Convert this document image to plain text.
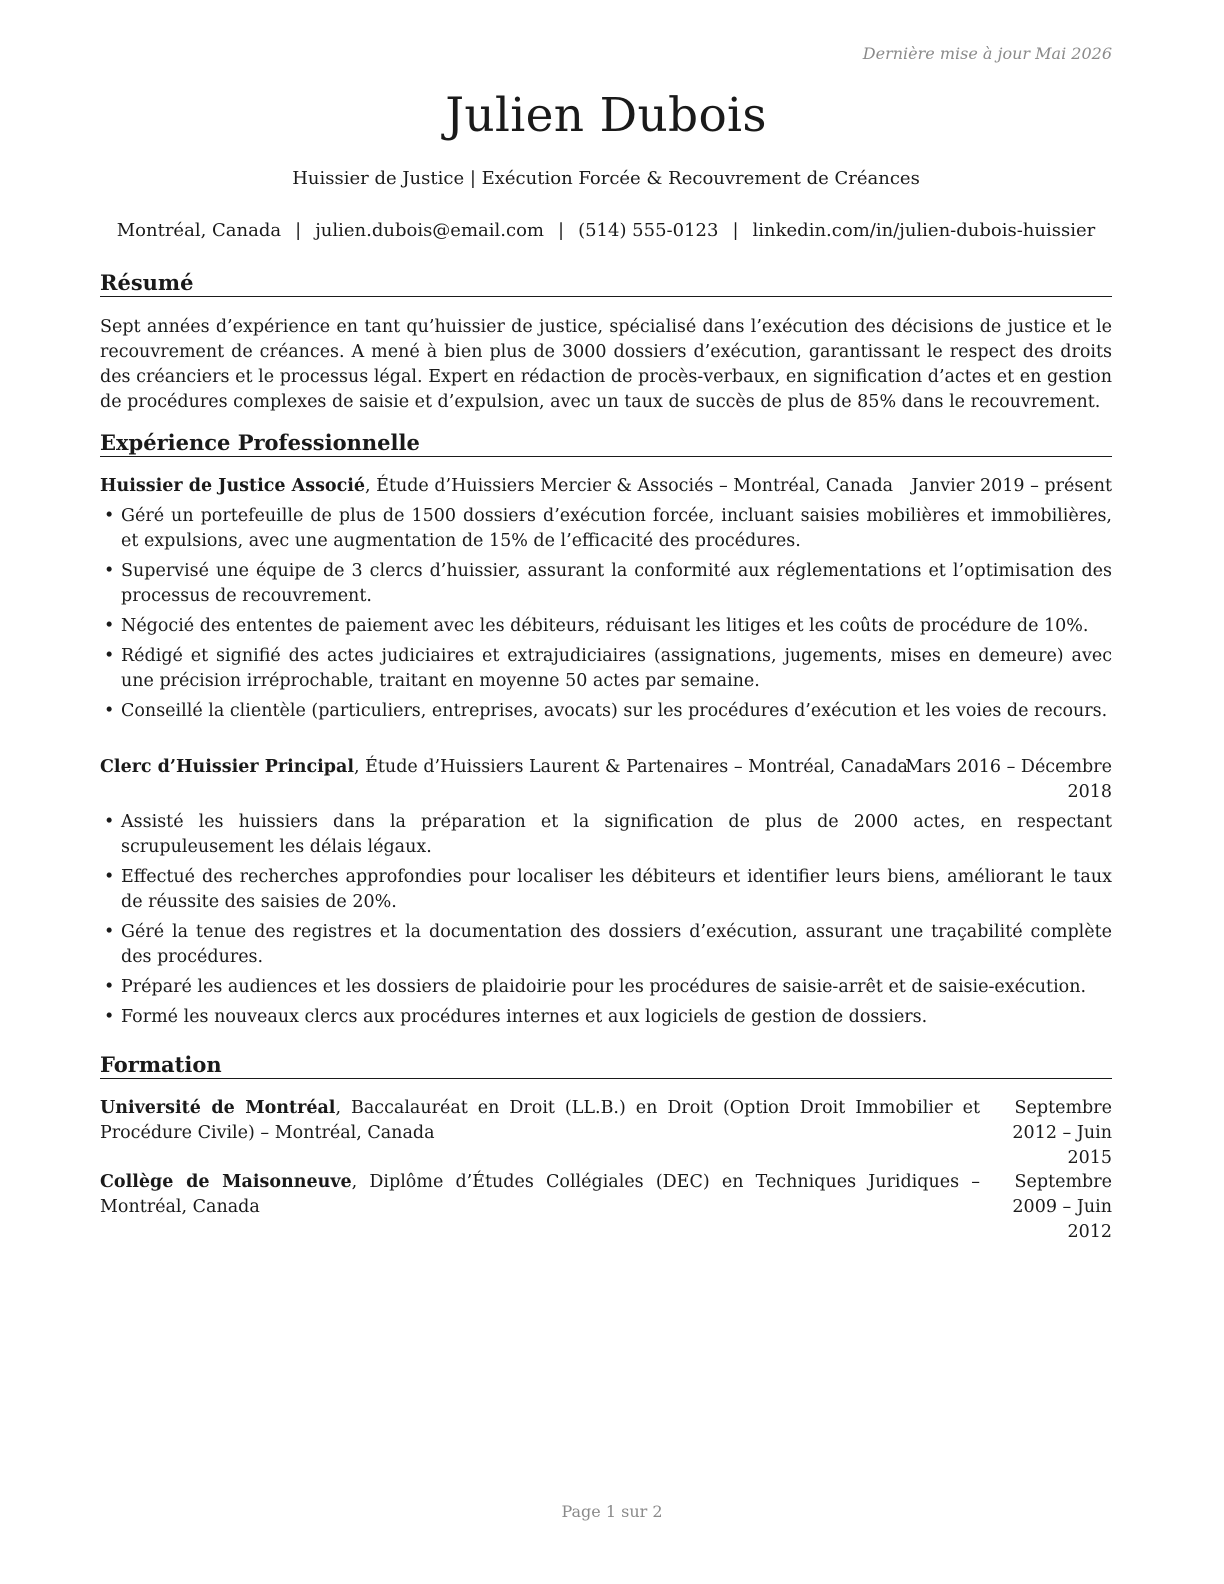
Dernière mise à jour Mai 2026
Julien Dubois
Huissier de Justice | Exécution Forcée & Recouvrement de Créances
Montréal, Canada | julien.dubois@email.com | (514) 555-0123 | linkedin.com/in/julien-dubois-huissier
Résumé
Sept années d’expérience en tant qu’huissier de justice, spécialisé dans l’exécution des décisions de justice et le recouvrement de créances. A mené à bien plus de 3000 dossiers d’exécution, garantissant le respect des droits des créanciers et le processus légal. Expert en rédaction de procès-verbaux, en signification d’actes et en gestion de procédures complexes de saisie et d’expulsion, avec un taux de succès de plus de 85% dans le recouvrement.
Expérience Professionnelle
Huissier de Justice Associé, Étude d’Huissiers Mercier & Associés – Montréal, Canada Janvier 2019 – présent
• Géré un portefeuille de plus de 1500 dossiers d’exécution forcée, incluant saisies mobilières et immobilières, et expulsions, avec une augmentation de 15% de l’efficacité des procédures.
• Supervisé une équipe de 3 clercs d’huissier, assurant la conformité aux réglementations et l’optimisation des processus de recouvrement.
• Négocié des ententes de paiement avec les débiteurs, réduisant les litiges et les coûts de procédure de 10%.
• Rédigé et signifié des actes judiciaires et extrajudiciaires (assignations, jugements, mises en demeure) avec une précision irréprochable, traitant en moyenne 50 actes par semaine.
• Conseillé la clientèle (particuliers, entreprises, avocats) sur les procédures d’exécution et les voies de recours.
Clerc d’Huissier Principal, Étude d’Huissiers Laurent & Partenaires – Montréal, Canada
Mars 2016 – Décembre 2018
• Assisté les huissiers dans la préparation et la signification de plus de 2000 actes, en respectant scrupuleusement les délais légaux.
• Effectué des recherches approfondies pour localiser les débiteurs et identifier leurs biens, améliorant le taux de réussite des saisies de 20%.
• Géré la tenue des registres et la documentation des dossiers d’exécution, assurant une traçabilité complète des procédures.
• Préparé les audiences et les dossiers de plaidoirie pour les procédures de saisie-arrêt et de saisie-exécution.
• Formé les nouveaux clercs aux procédures internes et aux logiciels de gestion de dossiers.
Formation
Université de Montréal, Baccalauréat en Droit (LL.B.) en Droit (Option Droit Immobilier et Procédure Civile) – Montréal, Canada
Septembre 2012 – Juin 2015
Collège de Maisonneuve, Diplôme d’Études Collégiales (DEC) en Techniques Juridiques – Montréal, Canada
Septembre 2009 – Juin 2012
Page 1 sur 2
